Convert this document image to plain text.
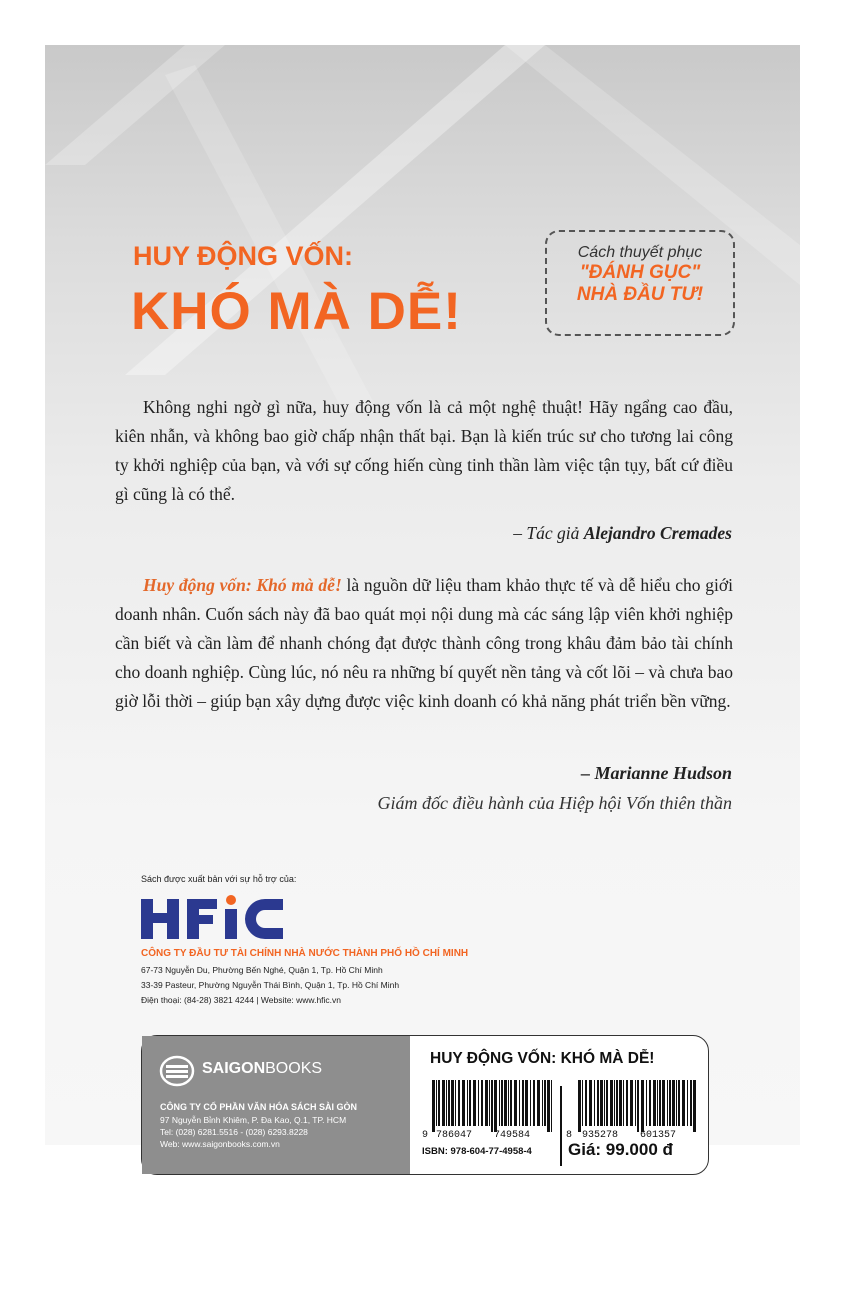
HUY ĐỘNG VỐN:
KHÓ MÀ DỄ!
Cách thuyết phục
"ĐÁNH GỤC"
NHÀ ĐẦU TƯ!
Không nghi ngờ gì nữa, huy động vốn là cả một nghệ thuật! Hãy ngẩng cao đầu, kiên nhẫn, và không bao giờ chấp nhận thất bại. Bạn là kiến trúc sư cho tương lai công ty khởi nghiệp của bạn, và với sự cống hiến cùng tinh thần làm việc tận tụy, bất cứ điều gì cũng là có thể.
– Tác giả Alejandro Cremades
Huy động vốn: Khó mà dễ! là nguồn dữ liệu tham khảo thực tế và dễ hiểu cho giới doanh nhân. Cuốn sách này đã bao quát mọi nội dung mà các sáng lập viên khởi nghiệp cần biết và cần làm để nhanh chóng đạt được thành công trong khâu đảm bảo tài chính cho doanh nghiệp. Cùng lúc, nó nêu ra những bí quyết nền tảng và cốt lõi – và chưa bao giờ lỗi thời – giúp bạn xây dựng được việc kinh doanh có khả năng phát triển bền vững.
– Marianne Hudson
Giám đốc điều hành của Hiệp hội Vốn thiên thần
Sách được xuất bản với sự hỗ trợ của:
CÔNG TY ĐẦU TƯ TÀI CHÍNH NHÀ NƯỚC THÀNH PHỐ HỒ CHÍ MINH
67-73 Nguyễn Du, Phường Bến Nghé, Quận 1, Tp. Hồ Chí Minh
33-39 Pasteur, Phường Nguyễn Thái Bình, Quận 1, Tp. Hồ Chí Minh
Điện thoại: (84-28) 3821 4244 | Website: www.hfic.vn
SAIGONBOOKS
CÔNG TY CỔ PHẦN VĂN HÓA SÁCH SÀI GÒN
97 Nguyễn Bỉnh Khiêm, P. Đa Kao, Q.1, TP. HCM
Tel: (028) 6281.5516 - (028) 6293.8228
Web: www.saigonbooks.com.vn
HUY ĐỘNG VỐN: KHÓ MÀ DỄ!
9 786047 749584
ISBN: 978-604-77-4958-4
8 935278 601357
Giá: 99.000 đ
